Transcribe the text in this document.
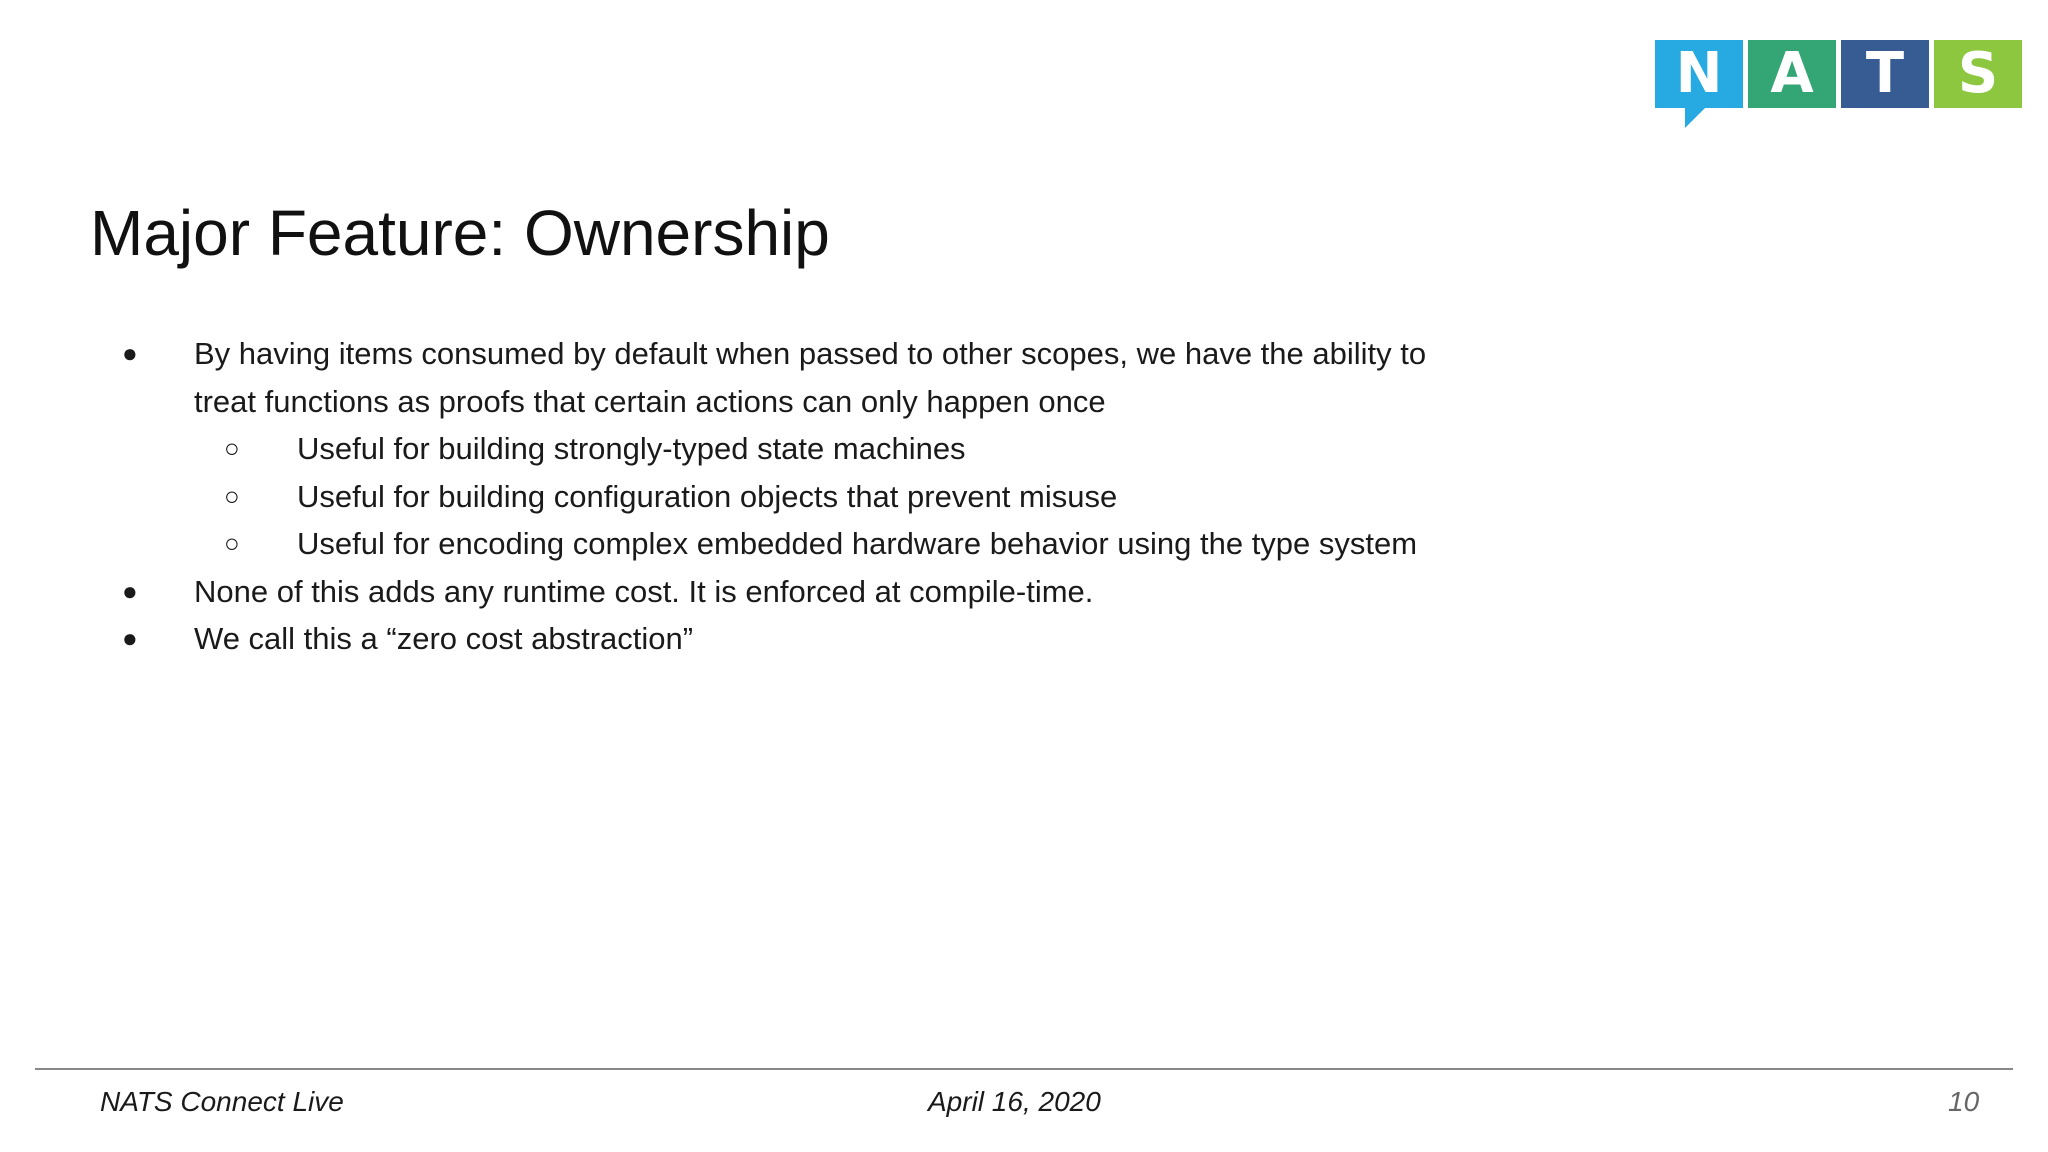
N A T S
Major Feature: Ownership
● By having items consumed by default when passed to other scopes, we have the ability to treat functions as proofs that certain actions can only happen once
○ Useful for building strongly-typed state machines
○ Useful for building configuration objects that prevent misuse
○ Useful for encoding complex embedded hardware behavior using the type system
● None of this adds any runtime cost. It is enforced at compile-time.
● We call this a “zero cost abstraction”
NATS Connect Live	April 16, 2020	10
